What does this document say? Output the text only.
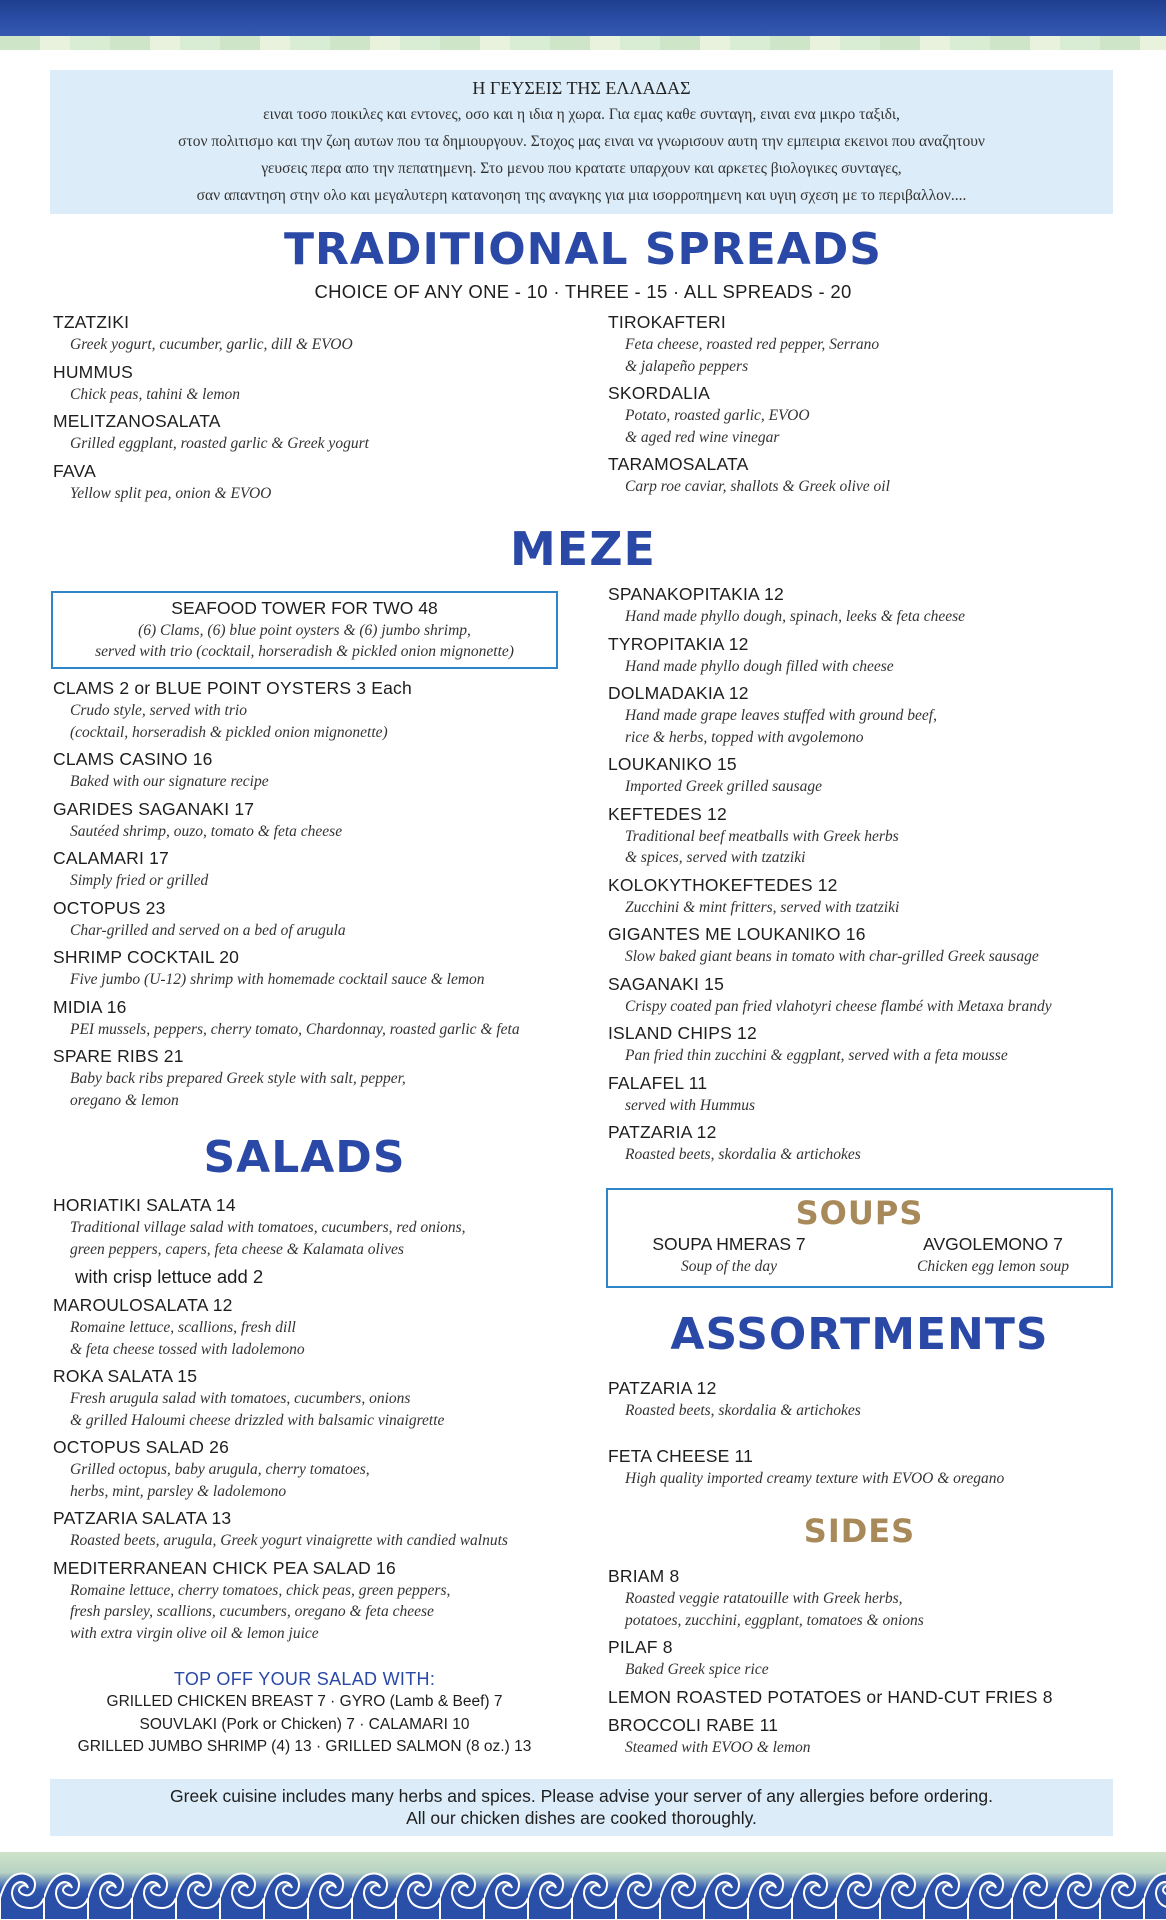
Η ΓΕΥΣΕΙΣ ΤΗΣ ΕΛΛΑΔΑΣ
ειναι τοσο ποικιλες και εντονες, οσο και η ιδια η χωρα. Για εμας καθε συνταγη, ειναι ενα μικρο ταξιδι,
στον πολιτισμο και την ζωη αυτων που τα δημιουργουν. Στοχος μας ειναι να γνωρισουν αυτη την εμπειρια εκεινοι που αναζητουν
γευσεις περα απο την πεπατημενη. Στο μενου που κρατατε υπαρχουν και αρκετες βιολογικες συνταγες,
σαν απαντηση στην ολο και μεγαλυτερη κατανοηση της αναγκης για μια ισορροπημενη και υγιη σχεση με το περιβαλλον....
TRADITIONAL SPREADS
CHOICE OF ANY ONE - 10 · THREE - 15 · ALL SPREADS - 20
TZATZIKI
Greek yogurt, cucumber, garlic, dill & EVOO
HUMMUS
Chick peas, tahini & lemon
MELITZANOSALATA
Grilled eggplant, roasted garlic & Greek yogurt
FAVA
Yellow split pea, onion & EVOO
TIROKAFTERI
Feta cheese, roasted red pepper, Serrano
& jalapeño peppers
SKORDALIA
Potato, roasted garlic, EVOO
& aged red wine vinegar
TARAMOSALATA
Carp roe caviar, shallots & Greek olive oil
MEZE
SEAFOOD TOWER FOR TWO 48
(6) Clams, (6) blue point oysters & (6) jumbo shrimp,
served with trio (cocktail, horseradish & pickled onion mignonette)
CLAMS 2 or BLUE POINT OYSTERS 3 Each
Crudo style, served with trio
(cocktail, horseradish & pickled onion mignonette)
CLAMS CASINO 16
Baked with our signature recipe
GARIDES SAGANAKI 17
Sautéed shrimp, ouzo, tomato & feta cheese
CALAMARI 17
Simply fried or grilled
OCTOPUS 23
Char-grilled and served on a bed of arugula
SHRIMP COCKTAIL 20
Five jumbo (U-12) shrimp with homemade cocktail sauce & lemon
MIDIA 16
PEI mussels, peppers, cherry tomato, Chardonnay, roasted garlic & feta
SPARE RIBS 21
Baby back ribs prepared Greek style with salt, pepper,
oregano & lemon
SPANAKOPITAKIA 12
Hand made phyllo dough, spinach, leeks & feta cheese
TYROPITAKIA 12
Hand made phyllo dough filled with cheese
DOLMADAKIA 12
Hand made grape leaves stuffed with ground beef,
rice & herbs, topped with avgolemono
LOUKANIKO 15
Imported Greek grilled sausage
KEFTEDES 12
Traditional beef meatballs with Greek herbs
& spices, served with tzatziki
KOLOKYTHOKEFTEDES 12
Zucchini & mint fritters, served with tzatziki
GIGANTES ME LOUKANIKO 16
Slow baked giant beans in tomato with char-grilled Greek sausage
SAGANAKI 15
Crispy coated pan fried vlahotyri cheese flambé with Metaxa brandy
ISLAND CHIPS 12
Pan fried thin zucchini & eggplant, served with a feta mousse
FALAFEL 11
served with Hummus
PATZARIA 12
Roasted beets, skordalia & artichokes
SALADS
HORIATIKI SALATA 14
Traditional village salad with tomatoes, cucumbers, red onions,
green peppers, capers, feta cheese & Kalamata olives
with crisp lettuce add 2
MAROULOSALATA 12
Romaine lettuce, scallions, fresh dill
& feta cheese tossed with ladolemono
ROKA SALATA 15
Fresh arugula salad with tomatoes, cucumbers, onions
& grilled Haloumi cheese drizzled with balsamic vinaigrette
OCTOPUS SALAD 26
Grilled octopus, baby arugula, cherry tomatoes,
herbs, mint, parsley & ladolemono
PATZARIA SALATA 13
Roasted beets, arugula, Greek yogurt vinaigrette with candied walnuts
MEDITERRANEAN CHICK PEA SALAD 16
Romaine lettuce, cherry tomatoes, chick peas, green peppers,
fresh parsley, scallions, cucumbers, oregano & feta cheese
with extra virgin olive oil & lemon juice
TOP OFF YOUR SALAD WITH:
GRILLED CHICKEN BREAST 7 · GYRO (Lamb & Beef) 7
SOUVLAKI (Pork or Chicken) 7 · CALAMARI 10
GRILLED JUMBO SHRIMP (4) 13 · GRILLED SALMON (8 oz.) 13
SOUPS
SOUPA HMERAS 7
Soup of the day
AVGOLEMONO 7
Chicken egg lemon soup
ASSORTMENTS
PATZARIA 12
Roasted beets, skordalia & artichokes
FETA CHEESE 11
High quality imported creamy texture with EVOO & oregano
SIDES
BRIAM 8
Roasted veggie ratatouille with Greek herbs,
potatoes, zucchini, eggplant, tomatoes & onions
PILAF 8
Baked Greek spice rice
LEMON ROASTED POTATOES or HAND-CUT FRIES 8
BROCCOLI RABE 11
Steamed with EVOO & lemon
Greek cuisine includes many herbs and spices. Please advise your server of any allergies before ordering.
All our chicken dishes are cooked thoroughly.
